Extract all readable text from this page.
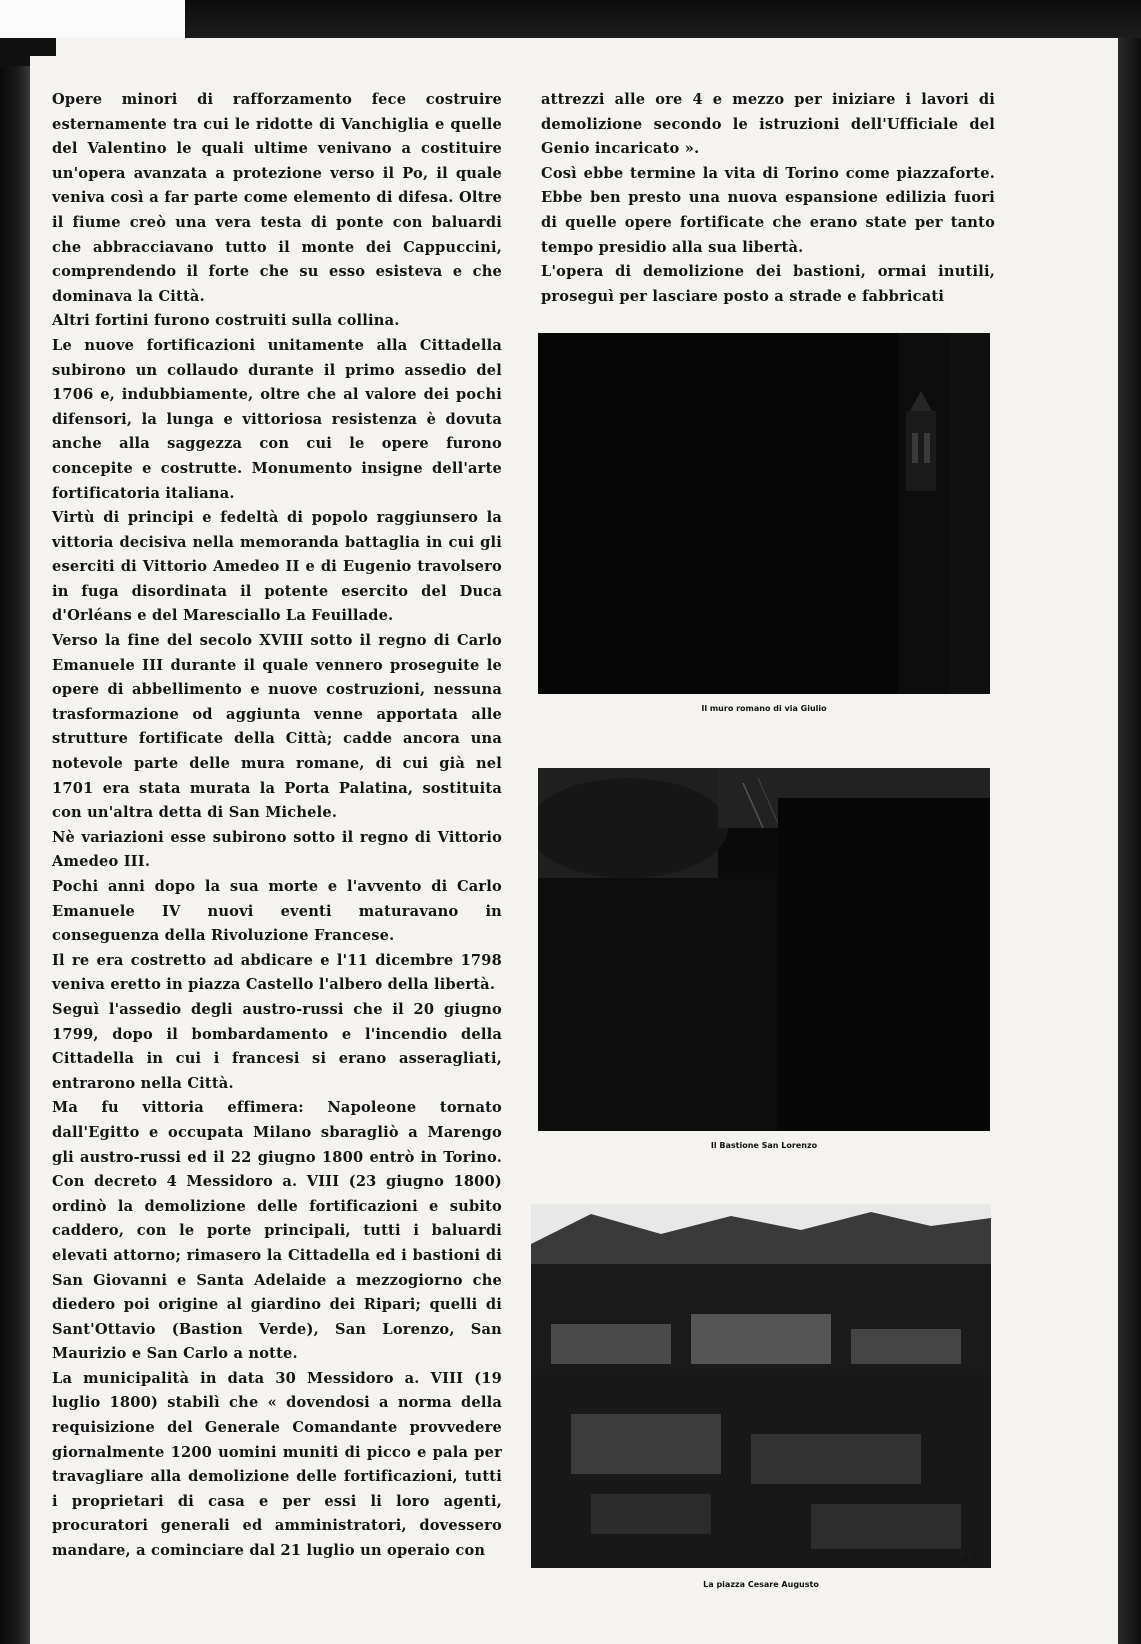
Opere minori di rafforzamento fece costruire esternamente tra cui le ridotte di Vanchiglia e quelle del Valentino le quali ultime venivano a costituire un'opera avanzata a protezione verso il Po, il quale veniva così a far parte come elemento di difesa. Oltre il fiume creò una vera testa di ponte con baluardi che abbracciavano tutto il monte dei Cappuccini, comprendendo il forte che su esso esisteva e che dominava la Città.

Altri fortini furono costruiti sulla collina.

Le nuove fortificazioni unitamente alla Cittadella subirono un collaudo durante il primo assedio del 1706 e, indubbiamente, oltre che al valore dei pochi difensori, la lunga e vittoriosa resistenza è dovuta anche alla saggezza con cui le opere furono concepite e costrutte. Monumento insigne dell'arte fortificatoria italiana.

Virtù di principi e fedeltà di popolo raggiunsero la vittoria decisiva nella memoranda battaglia in cui gli eserciti di Vittorio Amedeo II e di Eugenio travolsero in fuga disordinata il potente esercito del Duca d'Orléans e del Maresciallo La Feuillade.

Verso la fine del secolo XVIII sotto il regno di Carlo Emanuele III durante il quale vennero proseguite le opere di abbellimento e nuove costruzioni, nessuna trasformazione od aggiunta venne apportata alle strutture fortificate della Città; cadde ancora una notevole parte delle mura romane, di cui già nel 1701 era stata murata la Porta Palatina, sostituita con un'altra detta di San Michele.

Nè variazioni esse subirono sotto il regno di Vittorio Amedeo III.

Pochi anni dopo la sua morte e l'avvento di Carlo Emanuele IV nuovi eventi maturavano in conseguenza della Rivoluzione Francese.

Il re era costretto ad abdicare e l'11 dicembre 1798 veniva eretto in piazza Castello l'albero della libertà.

Seguì l'assedio degli austro-russi che il 20 giugno 1799, dopo il bombardamento e l'incendio della Cittadella in cui i francesi si erano asseragliati, entrarono nella Città.

Ma fu vittoria effimera: Napoleone tornato dall'Egitto e occupata Milano sbaragliò a Marengo gli austro-russi ed il 22 giugno 1800 entrò in Torino. Con decreto 4 Messidoro a. VIII (23 giugno 1800) ordinò la demolizione delle fortificazioni e subito caddero, con le porte principali, tutti i baluardi elevati attorno; rimasero la Cittadella ed i bastioni di San Giovanni e Santa Adelaide a mezzogiorno che diedero poi origine al giardino dei Ripari; quelli di Sant'Ottavio (Bastion Verde), San Lorenzo, San Maurizio e San Carlo a notte.

La municipalità in data 30 Messidoro a. VIII (19 luglio 1800) stabilì che « dovendosi a norma della requisizione del Generale Comandante provvedere giornalmente 1200 uomini muniti di picco e pala per travagliare alla demolizione delle fortificazioni, tutti i proprietari di casa e per essi li loro agenti, procuratori generali ed amministratori, dovessero mandare, a cominciare dal 21 luglio un operaio con

attrezzi alle ore 4 e mezzo per iniziare i lavori di demolizione secondo le istruzioni dell'Ufficiale del Genio incaricato ».

Così ebbe termine la vita di Torino come piazzaforte. Ebbe ben presto una nuova espansione edilizia fuori di quelle opere fortificate che erano state per tanto tempo presidio alla sua libertà.

L'opera di demolizione dei bastioni, ormai inutili, proseguì per lasciare posto a strade e fabbricati

Il muro romano di via Giulio
Il Bastione San Lorenzo
La piazza Cesare Augusto
47
